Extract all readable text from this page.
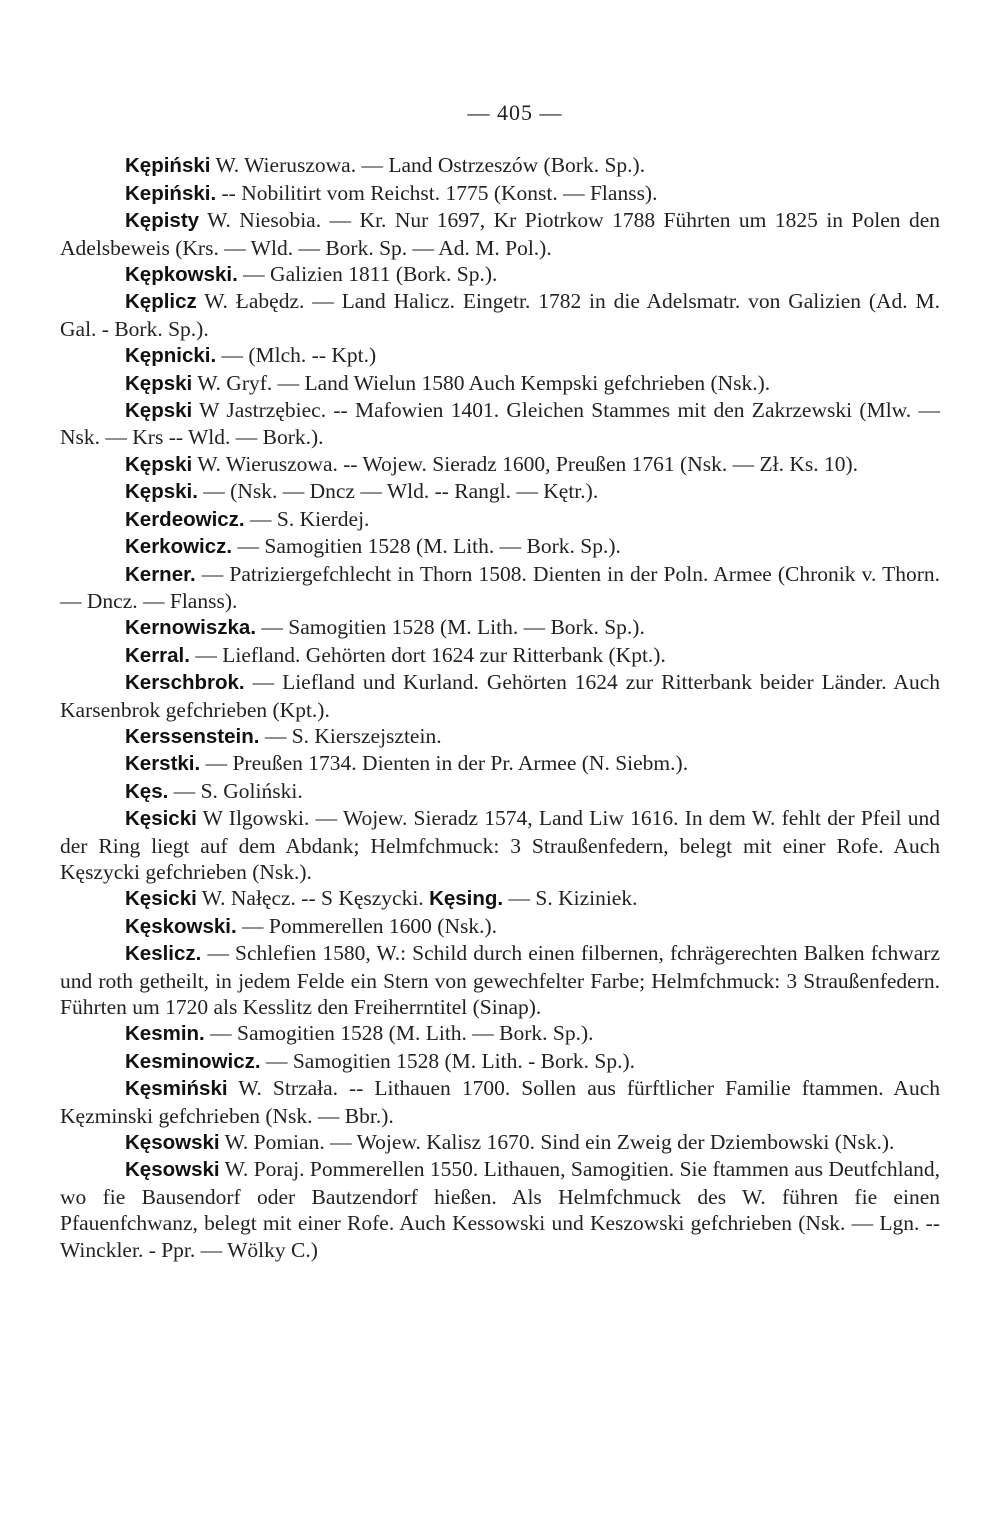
— 405 —

Kępiński W. Wieruszowa. — Land Ostrzeszów (Bork. Sp.).

Kepiński. -- Nobilitirt vom Reichst. 1775 (Konst. — Flanss).

Kępisty W. Niesobia. — Kr. Nur 1697, Kr Piotrkow 1788 Führten um 1825 in Polen den Adelsbeweis (Krs. — Wld. — Bork. Sp. — Ad. M. Pol.).

Kępkowski. — Galizien 1811 (Bork. Sp.).

Kęplicz W. Łabędz. — Land Halicz. Eingetr. 1782 in die Adelsmatr. von Galizien (Ad. M. Gal. - Bork. Sp.).

Kępnicki. — (Mlch. -- Kpt.)

Kępski W. Gryf. — Land Wielun 1580 Auch Kempski gefchrieben (Nsk.).

Kępski W Jastrzębiec. -- Mafowien 1401. Gleichen Stammes mit den Zakrzewski (Mlw. — Nsk. — Krs -- Wld. — Bork.).

Kępski W. Wieruszowa. -- Wojew. Sieradz 1600, Preußen 1761 (Nsk. — Zł. Ks. 10).

Kępski. — (Nsk. — Dncz — Wld. -- Rangl. — Kętr.).

Kerdeowicz. — S. Kierdej.

Kerkowicz. — Samogitien 1528 (M. Lith. — Bork. Sp.).

Kerner. — Patriziergefchlecht in Thorn 1508. Dienten in der Poln. Armee (Chronik v. Thorn. — Dncz. — Flanss).

Kernowiszka. — Samogitien 1528 (M. Lith. — Bork. Sp.).

Kerral. — Liefland. Gehörten dort 1624 zur Ritterbank (Kpt.).

Kerschbrok. — Liefland und Kurland. Gehörten 1624 zur Ritterbank beider Länder. Auch Karsenbrok gefchrieben (Kpt.).

Kerssenstein. — S. Kierszejsztein.

Kerstki. — Preußen 1734. Dienten in der Pr. Armee (N. Siebm.).

Kęs. — S. Goliński.

Kęsicki W Ilgowski. — Wojew. Sieradz 1574, Land Liw 1616. In dem W. fehlt der Pfeil und der Ring liegt auf dem Abdank; Helmfchmuck: 3 Straußenfedern, belegt mit einer Rofe. Auch Kęszycki gefchrieben (Nsk.).

Kęsicki W. Nałęcz. -- S Kęszycki. Kęsing. — S. Kiziniek.

Kęskowski. — Pommerellen 1600 (Nsk.).

Keslicz. — Schlefien 1580, W.: Schild durch einen filbernen, fchrägerechten Balken fchwarz und roth getheilt, in jedem Felde ein Stern von gewechfelter Farbe; Helmfchmuck: 3 Straußenfedern. Führten um 1720 als Kesslitz den Freiherrntitel (Sinap).

Kesmin. — Samogitien 1528 (M. Lith. — Bork. Sp.).

Kesminowicz. — Samogitien 1528 (M. Lith. - Bork. Sp.).

Kęsmiński W. Strzała. -- Lithauen 1700. Sollen aus fürftlicher Familie ftammen. Auch Kęzminski gefchrieben (Nsk. — Bbr.).

Kęsowski W. Pomian. — Wojew. Kalisz 1670. Sind ein Zweig der Dziembowski (Nsk.).

Kęsowski W. Poraj. Pommerellen 1550. Lithauen, Samogitien. Sie ftammen aus Deutfchland, wo fie Bausendorf oder Bautzendorf hießen. Als Helmfchmuck des W. führen fie einen Pfauenfchwanz, belegt mit einer Rofe. Auch Kessowski und Keszowski gefchrieben (Nsk. — Lgn. -- Winckler. - Ppr. — Wölky C.)
